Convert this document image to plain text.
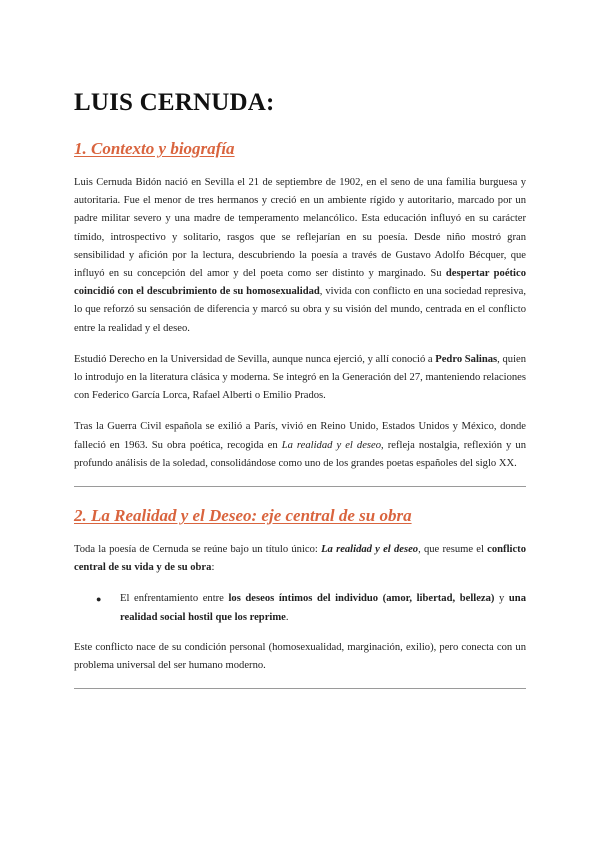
LUIS CERNUDA:
1. Contexto y biografía

Luis Cernuda Bidón nació en Sevilla el 21 de septiembre de 1902, en el seno de una familia burguesa y autoritaria. Fue el menor de tres hermanos y creció en un ambiente rígido y autoritario, marcado por un padre militar severo y una madre de temperamento melancólico. Esta educación influyó en su carácter tímido, introspectivo y solitario, rasgos que se reflejarían en su poesía. Desde niño mostró gran sensibilidad y afición por la lectura, descubriendo la poesía a través de Gustavo Adolfo Bécquer, que influyó en su concepción del amor y del poeta como ser distinto y marginado. Su despertar poético coincidió con el descubrimiento de su homosexualidad, vivida con conflicto en una sociedad represiva, lo que reforzó su sensación de diferencia y marcó su obra y su visión del mundo, centrada en el conflicto entre la realidad y el deseo.

Estudió Derecho en la Universidad de Sevilla, aunque nunca ejerció, y allí conoció a Pedro Salinas, quien lo introdujo en la literatura clásica y moderna. Se integró en la Generación del 27, manteniendo relaciones con Federico García Lorca, Rafael Alberti o Emilio Prados.

Tras la Guerra Civil española se exilió a París, vivió en Reino Unido, Estados Unidos y México, donde falleció en 1963. Su obra poética, recogida en La realidad y el deseo, refleja nostalgia, reflexión y un profundo análisis de la soledad, consolidándose como uno de los grandes poetas españoles del siglo XX.

2. La Realidad y el Deseo: eje central de su obra

Toda la poesía de Cernuda se reúne bajo un título único: La realidad y el deseo, que resume el conflicto central de su vida y de su obra:

●	El enfrentamiento entre los deseos íntimos del individuo (amor, libertad, belleza) y una realidad social hostil que los reprime.

Este conflicto nace de su condición personal (homosexualidad, marginación, exilio), pero conecta con un problema universal del ser humano moderno.
